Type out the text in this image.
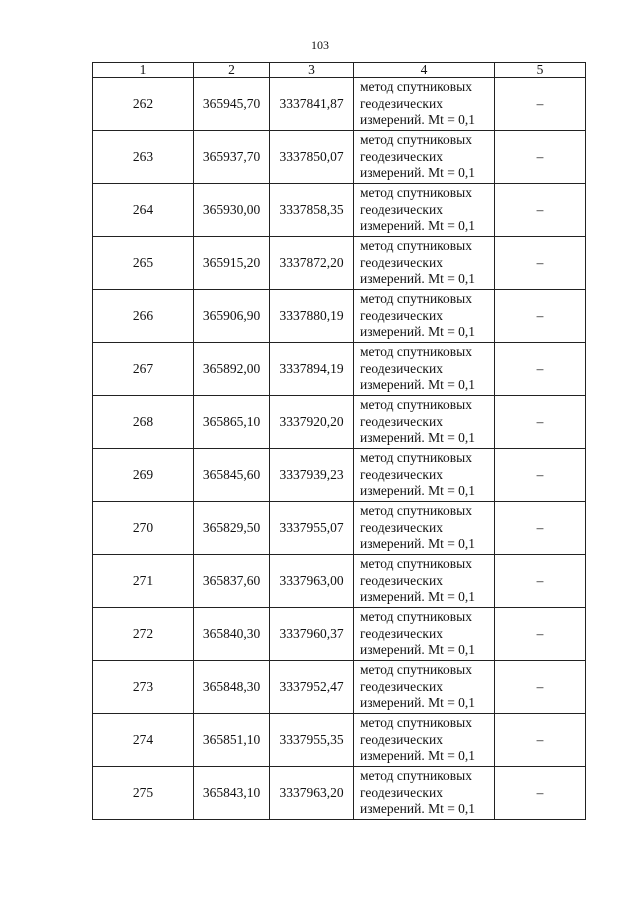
103
1	2	3	4	5
262	365945,70	3337841,87	метод спутниковых
геодезических
измерений. Mt = 0,1	–
263	365937,70	3337850,07	метод спутниковых
геодезических
измерений. Mt = 0,1	–
264	365930,00	3337858,35	метод спутниковых
геодезических
измерений. Mt = 0,1	–
265	365915,20	3337872,20	метод спутниковых
геодезических
измерений. Mt = 0,1	–
266	365906,90	3337880,19	метод спутниковых
геодезических
измерений. Mt = 0,1	–
267	365892,00	3337894,19	метод спутниковых
геодезических
измерений. Mt = 0,1	–
268	365865,10	3337920,20	метод спутниковых
геодезических
измерений. Mt = 0,1	–
269	365845,60	3337939,23	метод спутниковых
геодезических
измерений. Mt = 0,1	–
270	365829,50	3337955,07	метод спутниковых
геодезических
измерений. Mt = 0,1	–
271	365837,60	3337963,00	метод спутниковых
геодезических
измерений. Mt = 0,1	–
272	365840,30	3337960,37	метод спутниковых
геодезических
измерений. Mt = 0,1	–
273	365848,30	3337952,47	метод спутниковых
геодезических
измерений. Mt = 0,1	–
274	365851,10	3337955,35	метод спутниковых
геодезических
измерений. Mt = 0,1	–
275	365843,10	3337963,20	метод спутниковых
геодезических
измерений. Mt = 0,1	–
